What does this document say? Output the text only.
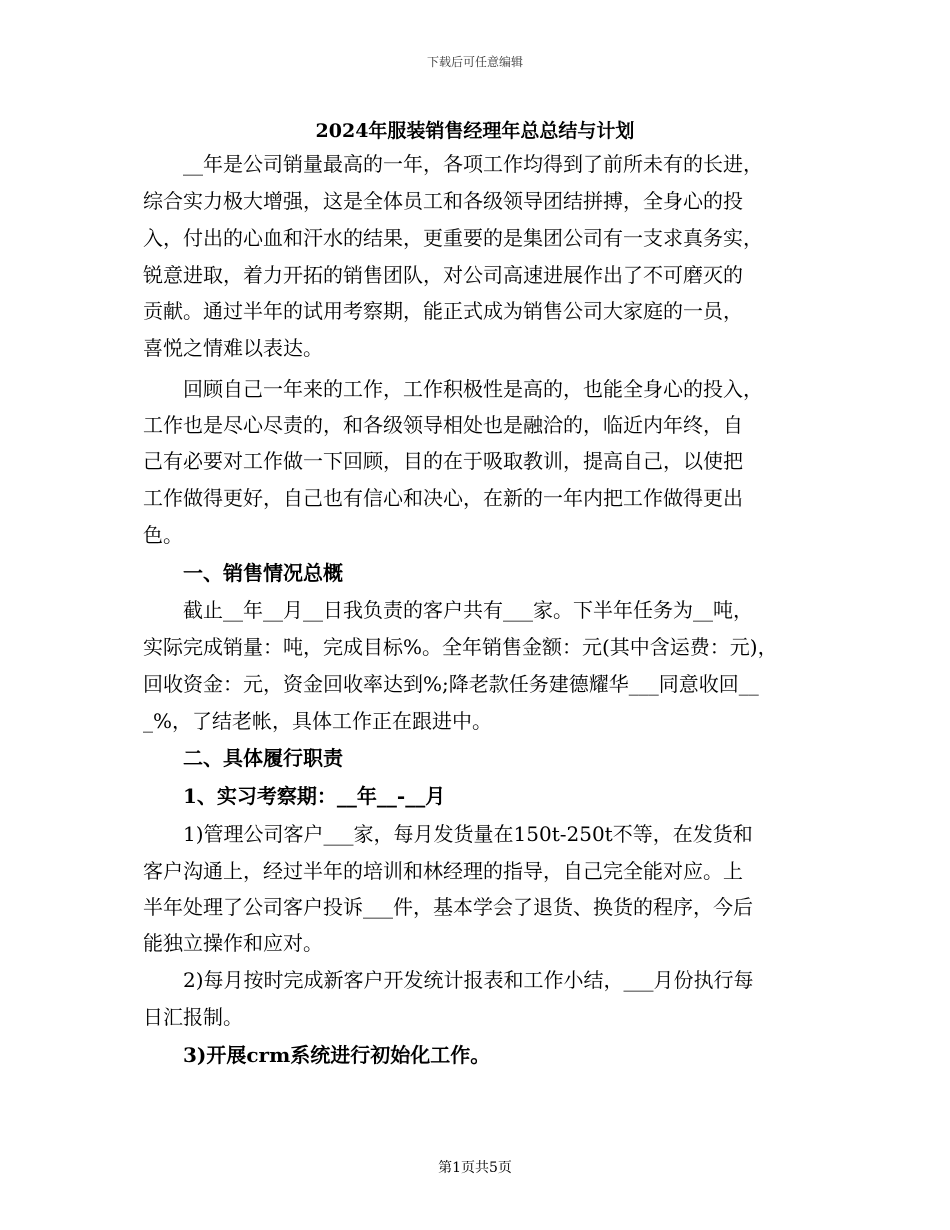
下载后可任意编辑
2024年服装销售经理年总总结与计划
　　__年是公司销量最高的一年，各项工作均得到了前所未有的长进，
综合实力极大增强，这是全体员工和各级领导团结拼搏，全身心的投
入，付出的心血和汗水的结果，更重要的是集团公司有一支求真务实，
锐意进取，着力开拓的销售团队，对公司高速进展作出了不可磨灭的
贡献。通过半年的试用考察期，能正式成为销售公司大家庭的一员，
喜悦之情难以表达。
　　回顾自己一年来的工作，工作积极性是高的，也能全身心的投入，
工作也是尽心尽责的，和各级领导相处也是融洽的，临近内年终，自
己有必要对工作做一下回顾，目的在于吸取教训，提高自己，以使把
工作做得更好，自己也有信心和决心，在新的一年内把工作做得更出
色。
　　一、销售情况总概
　　截止__年__月__日我负责的客户共有___家。下半年任务为__吨，
实际完成销量：吨，完成目标%。全年销售金额：元(其中含运费：元)，
回收资金：元，资金回收率达到%;降老款任务建德耀华___同意收回__
_%，了结老帐，具体工作正在跟进中。
　　二、具体履行职责
　　1、实习考察期：__年__-__月
　　1)管理公司客户___家，每月发货量在150t-250t不等，在发货和
客户沟通上，经过半年的培训和林经理的指导，自己完全能对应。上
半年处理了公司客户投诉___件，基本学会了退货、换货的程序，今后
能独立操作和应对。
　　2)每月按时完成新客户开发统计报表和工作小结，___月份执行每
日汇报制。
　　3)开展crm系统进行初始化工作。
第1页共5页
